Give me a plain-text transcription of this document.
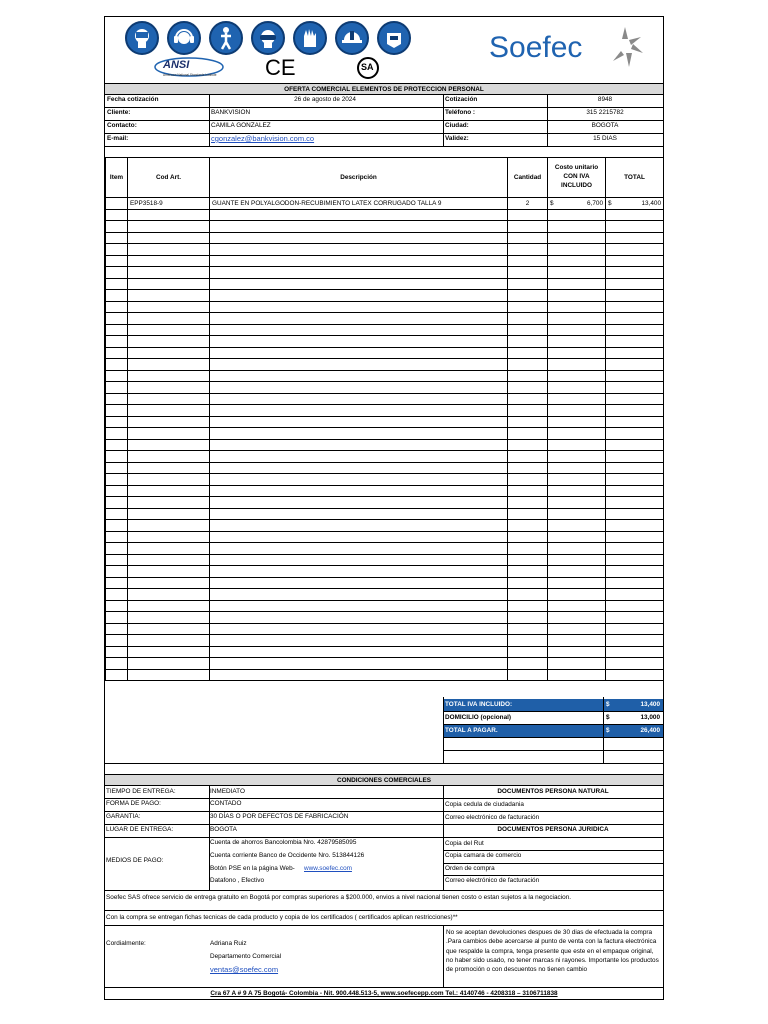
ANSI
American National Standards Institute CE	SA
Soefec
OFERTA COMERCIAL ELEMENTOS DE PROTECCION PERSONAL
Fecha cotización	26 de agosto de 2024	Cotización	8948
Cliente:	BANKVISION	Teléfono :	315 2215782
Contacto:	CAMILA GONZALEZ	Ciudad:	BOGOTA
E-mail:	cgonzalez@bankvision.com.co	Validez:	15 DIAS
Item	Cod Art.	Descripción	Cantidad	Costo unitario CON IVA INCLUIDO	TOTAL
	EPP3518-9	GUANTE EN POLYALGODON-RECUBIMIENTO LATEX CORRUGADO TALLA 9	2	$ 6,700	$ 13,400

TOTAL IVA INCLUIDO:	$	13,400
DOMICILIO (opcional)	$	13,000
TOTAL A PAGAR.	$	26,400
CONDICIONES COMERCIALES
TIEMPO DE ENTREGA:	INMEDIATO
FORMA DE PAGO:	CONTADO
GARANTIA:	30 DÍAS O POR DEFECTOS DE FABRICACIÓN
LUGAR DE ENTREGA:	BOGOTA
MEDIOS DE PAGO:
Cuenta de ahorros Bancolombia Nro. 42879585095
Cuenta corriente Banco de Occidente Nro. 513844126
Botón PSE en la página Web- www.soefec.com
Datafono , Efectivo
DOCUMENTOS PERSONA NATURAL
Copia cedula de ciudadania
Correo electrónico de facturación
DOCUMENTOS PERSONA JURIDICA
Copia del Rut
Copia camara de comercio
Orden de compra
Correo electrónico de facturación
Soefec SAS ofrece servicio de entrega gratuito en Bogotá por compras superiores a $200.000, envios a nivel nacional tienen costo o estan sujetos a la negociacion.
Con la compra se entregan fichas tecnicas de cada producto y copia de los certificados ( certificados aplican restricciones)**
Cordialmente:	Adriana Ruiz
Departamento Comercial
ventas@soefec.com
No se aceptan devoluciones despues de 30 dias de efectuada la compra .Para cambios debe acercarse al punto de venta con la factura electrónica que respalde la compra, tenga presente que este en el empaque original, no haber sido usado, no tener marcas ni rayones. Importante los productos de promoción o con descuentos no tienen cambio
Cra 67 A # 9 A 75 Bogotá- Colombia - Nit. 900.448.513-5, www.soefecepp.com Tel.: 4140746 - 4208318 – 3106711838
